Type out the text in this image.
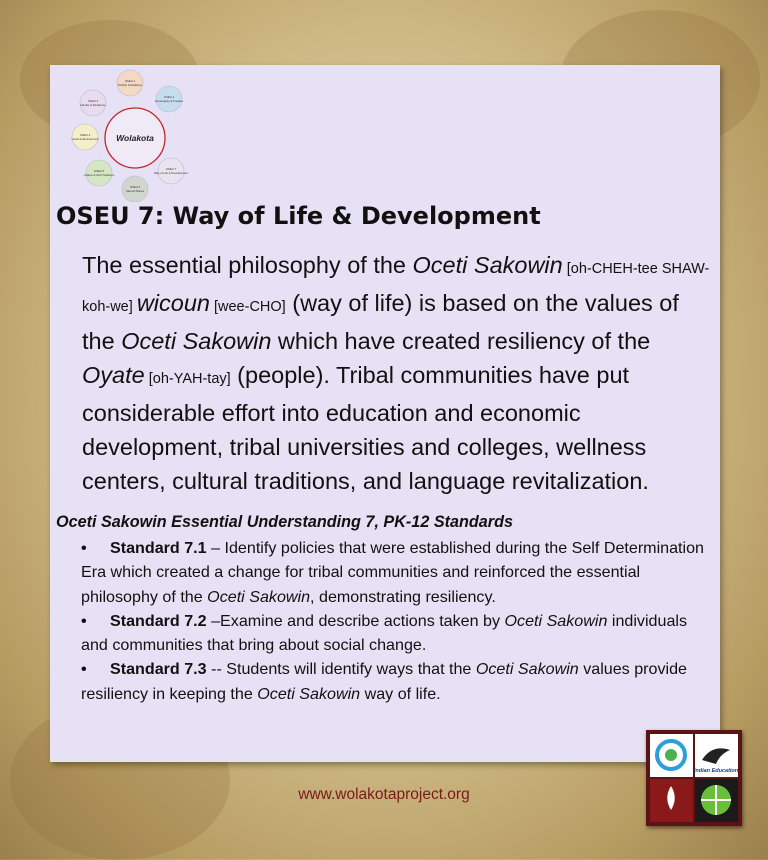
Wolakota
OSEU 1
Kinship & Relatives
OSEU 2
Sovereignty & Treaties
OSEU 3
Identity & Resilience
OSEU 4
Lands & Environment
OSEU 5
Culture & Oral Traditions
OSEU 6
Sacred Places
OSEU 7
Way of Life & Development
OSEU 7: Way of Life & Development
The essential philosophy of the Oceti Sakowin [oh-CHEH-tee SHAW-koh-we] wicoun [wee-CHO] (way of life) is based on the values of the Oceti Sakowin which have created resiliency of the Oyate [oh-YAH-tay] (people). Tribal communities have put considerable effort into education and economic development, tribal universities and colleges, wellness centers, cultural traditions, and language revitalization.
Oceti Sakowin Essential Understanding 7, PK-12 Standards
• Standard 7.1 – Identify policies that were established during the Self Determination Era which created a change for tribal communities and reinforced the essential philosophy of the Oceti Sakowin, demonstrating resiliency.
• Standard 7.2 –Examine and describe actions taken by Oceti Sakowin individuals and communities that bring about social change.
• Standard 7.3 -- Students will identify ways that the Oceti Sakowin values provide resiliency in keeping the Oceti Sakowin way of life.
www.wolakotaproject.org
Indian Education
